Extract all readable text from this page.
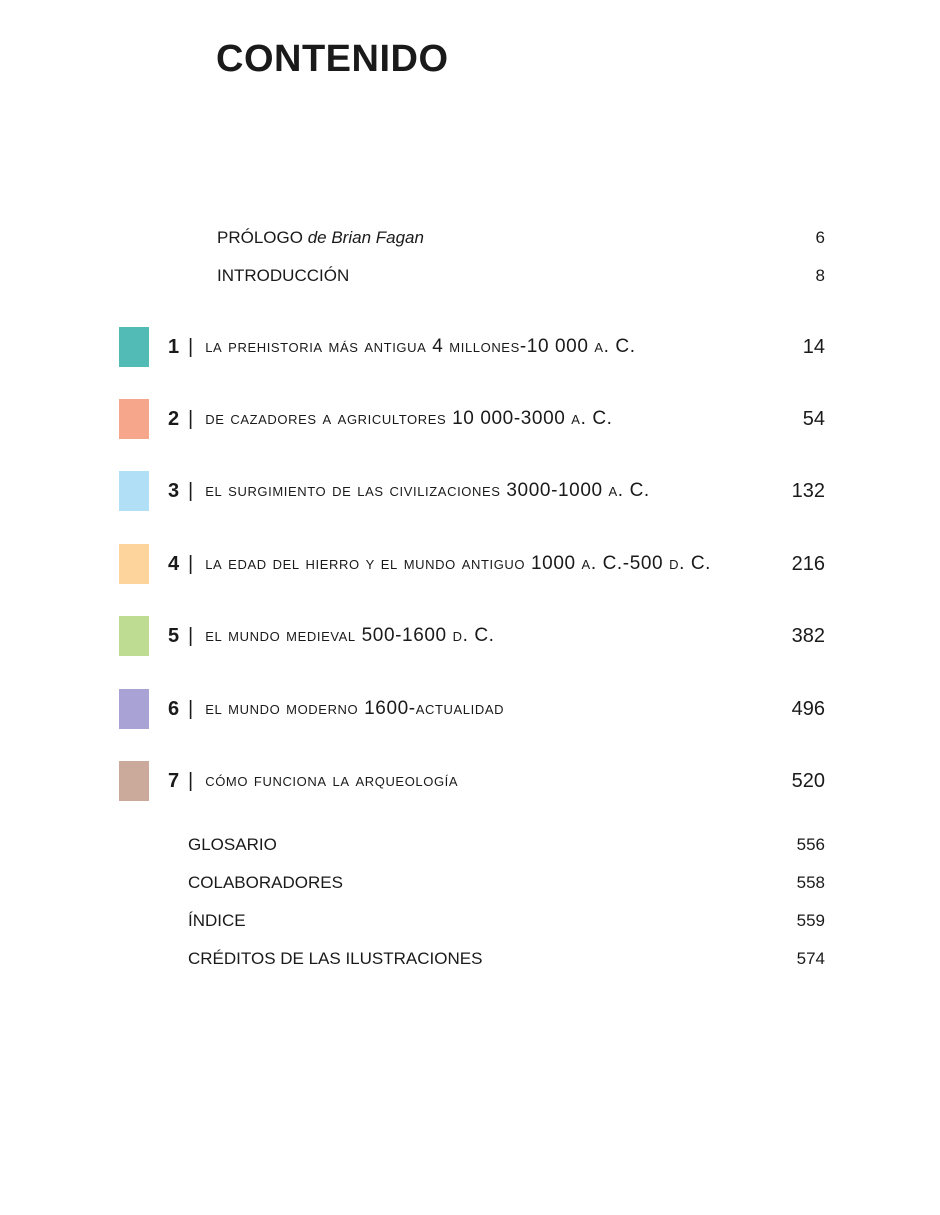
CONTENIDO
PRÓLOGO de Brian Fagan	6
INTRODUCCIÓN	8
1 | la prehistoria más antigua 4 millones-10 000 a. C.	14
2 | de cazadores a agricultores 10 000-3000 a. C.	54
3 | el surgimiento de las civilizaciones 3000-1000 a. C.	132
4 | la edad del hierro y el mundo antiguo 1000 a. C.-500 d. C.	216
5 | el mundo medieval 500-1600 d. C.	382
6 | el mundo moderno 1600-actualidad	496
7 | cómo funciona la arqueología	520
GLOSARIO	556
COLABORADORES	558
ÍNDICE	559
CRÉDITOS DE LAS ILUSTRACIONES	574
